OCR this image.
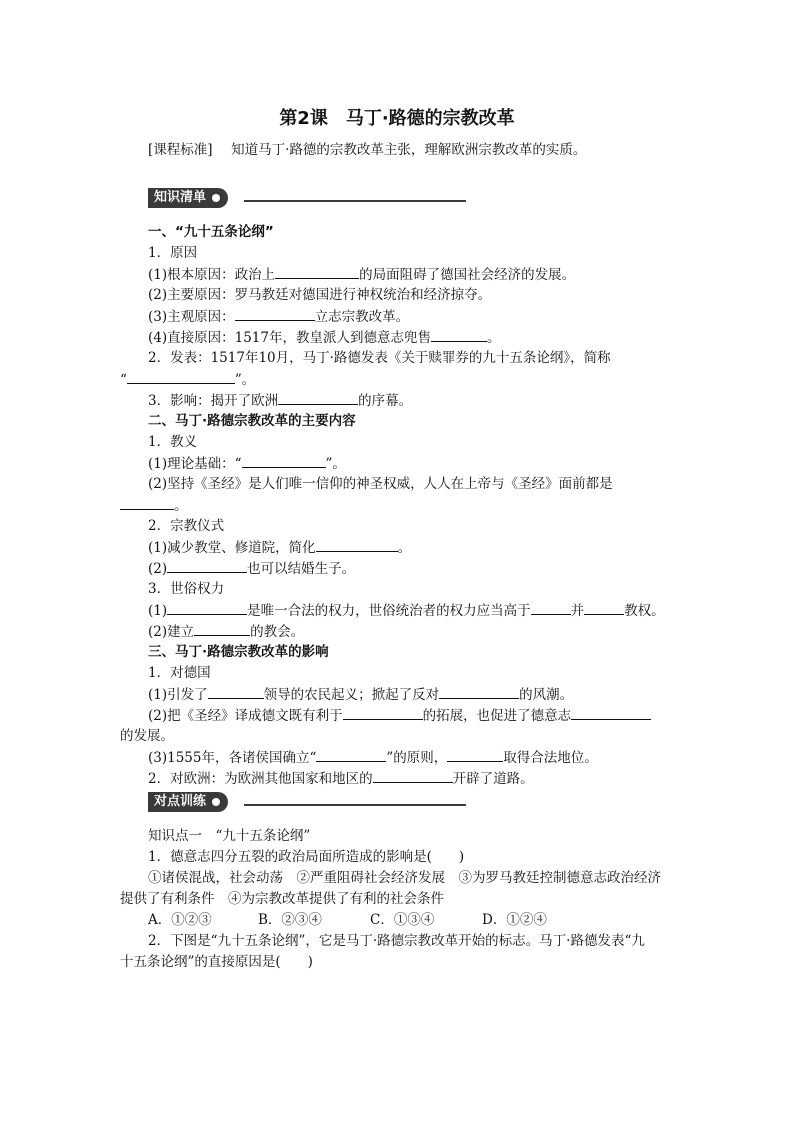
第2课　马丁·路德的宗教改革
[课程标准] 知道马丁·路德的宗教改革主张，理解欧洲宗教改革的实质。
知识清单
一、“九十五条论纲”
1．原因
(1)根本原因：政治上	的局面阻碍了德国社会经济的发展。
(2)主要原因：罗马教廷对德国进行神权统治和经济掠夺。
(3)主观原因：	立志宗教改革。
(4)直接原因：1517年，教皇派人到德意志兜售	。
2．发表：1517年10月，马丁·路德发表《关于赎罪券的九十五条论纲》，简称
“	”。
3．影响：揭开了欧洲	的序幕。
二、马丁·路德宗教改革的主要内容
1．教义
(1)理论基础：“	”。
(2)坚持《圣经》是人们唯一信仰的神圣权威，人人在上帝与《圣经》面前都是
。
2．宗教仪式
(1)减少教堂、修道院，简化	。
(2)	也可以结婚生子。
3．世俗权力
(1)	是唯一合法的权力，世俗统治者的权力应当高于	并	教权。
(2)建立	的教会。
三、马丁·路德宗教改革的影响
1．对德国
(1)引发了	领导的农民起义；掀起了反对	的风潮。
(2)把《圣经》译成德文既有利于	的拓展，也促进了德意志
的发展。
(3)1555年，各诸侯国确立“	”的原则，	取得合法地位。
2．对欧洲：为欧洲其他国家和地区的	开辟了道路。
对点训练
知识点一　“九十五条论纲”
1．德意志四分五裂的政治局面所造成的影响是(　　)
①诸侯混战，社会动荡　②严重阻碍社会经济发展　③为罗马教廷控制德意志政治经济
提供了有利条件　④为宗教改革提供了有利的社会条件
A．①②③	B．②③④	C．①③④	D．①②④
2．下图是“九十五条论纲”，它是马丁·路德宗教改革开始的标志。马丁·路德发表“九
十五条论纲”的直接原因是(　　)
